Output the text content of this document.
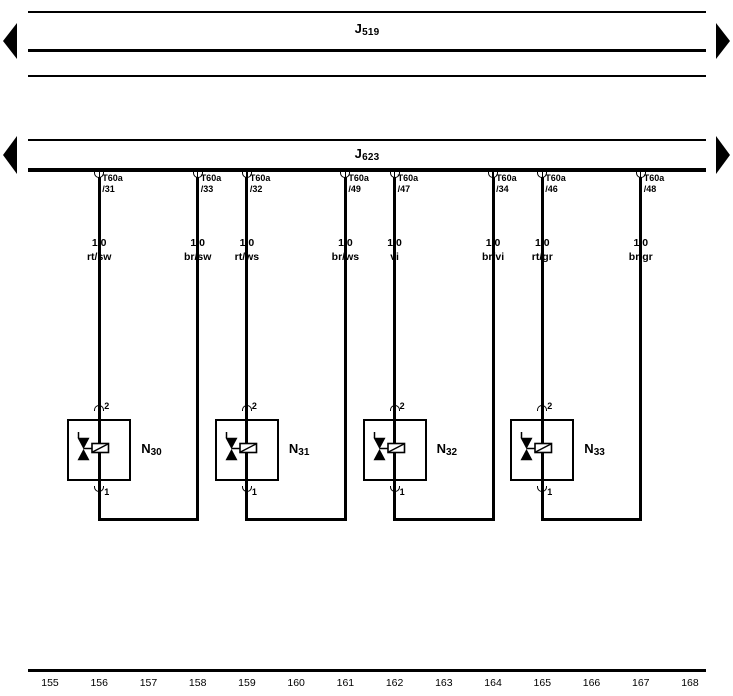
J519
J623
T60a
/31
T60a
/33
1.0
rt/sw
1.0
br/sw
2
1
N30
T60a
/32
T60a
/49
1.0
rt/ws
1.0
br/ws
2
1
N31
T60a
/47
T60a
/34
1.0
vi
1.0
br/vi
2
1
N32
T60a
/46
T60a
/48
1.0
rt/gr
1.0
br/gr
2
1
N33
155	156	157	158	159	160	161	162	163	164	165	166	167	168
